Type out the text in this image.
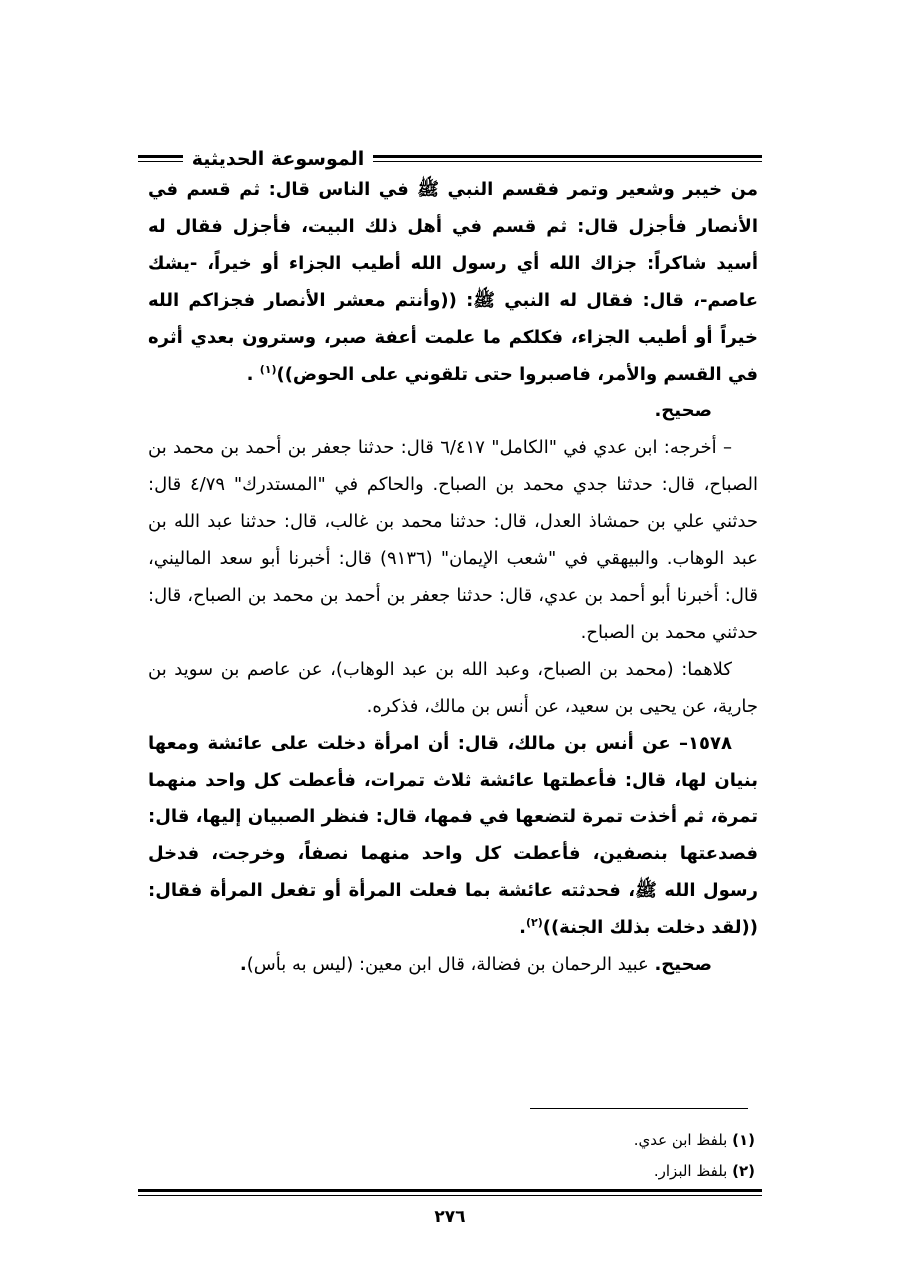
الموسوعة الحديثية

من خيبر وشعير وتمر فقسم النبي ﷺ في الناس قال: ثم قسم في الأنصار فأجزل قال: ثم قسم في أهل ذلك البيت، فأجزل فقال له أسيد شاكراً: جزاك الله أي رسول الله أطيب الجزاء أو خيراً، -يشك عاصم-، قال: فقال له النبي ﷺ: ((وأنتم معشر الأنصار فجزاكم الله خيراً أو أطيب الجزاء، فكلكم ما علمت أعفة صبر، وسترون بعدي أثره في القسم والأمر، فاصبروا حتى تلقوني على الحوض))$^{(١)}$ .

صحيح.

– أخرجه: ابن عدي في "الكامل" ٦/٤١٧ قال: حدثنا جعفر بن أحمد بن محمد بن الصباح، قال: حدثنا جدي محمد بن الصباح. والحاكم في "المستدرك" ٤/٧٩ قال: حدثني علي بن حمشاذ العدل، قال: حدثنا محمد بن غالب، قال: حدثنا عبد الله بن عبد الوهاب. والبيهقي في "شعب الإيمان" (٩١٣٦) قال: أخبرنا أبو سعد الماليني، قال: أخبرنا أبو أحمد بن عدي، قال: حدثنا جعفر بن أحمد بن محمد بن الصباح، قال: حدثني محمد بن الصباح.

كلاهما: (محمد بن الصباح، وعبد الله بن عبد الوهاب)، عن عاصم بن سويد بن جارية، عن يحيى بن سعيد، عن أنس بن مالك، فذكره.

١٥٧٨– عن أنس بن مالك، قال: أن امرأة دخلت على عائشة ومعها بنيان لها، قال: فأعطتها عائشة ثلاث تمرات، فأعطت كل واحد منهما تمرة، ثم أخذت تمرة لتضعها في فمها، قال: فنظر الصبيان إليها، قال: فصدعتها بنصفين، فأعطت كل واحد منهما نصفاً، وخرجت، فدخل رسول الله ﷺ، فحدثته عائشة بما فعلت المرأة أو تفعل المرأة فقال: ((لقد دخلت بذلك الجنة))$^{(٢)}$.

صحيح. عبيد الرحمان بن فضالة، قال ابن معين: (ليس به بأس).

(١) بلفظ ابن عدي.

(٢) بلفظ البزار.

٢٧٦
